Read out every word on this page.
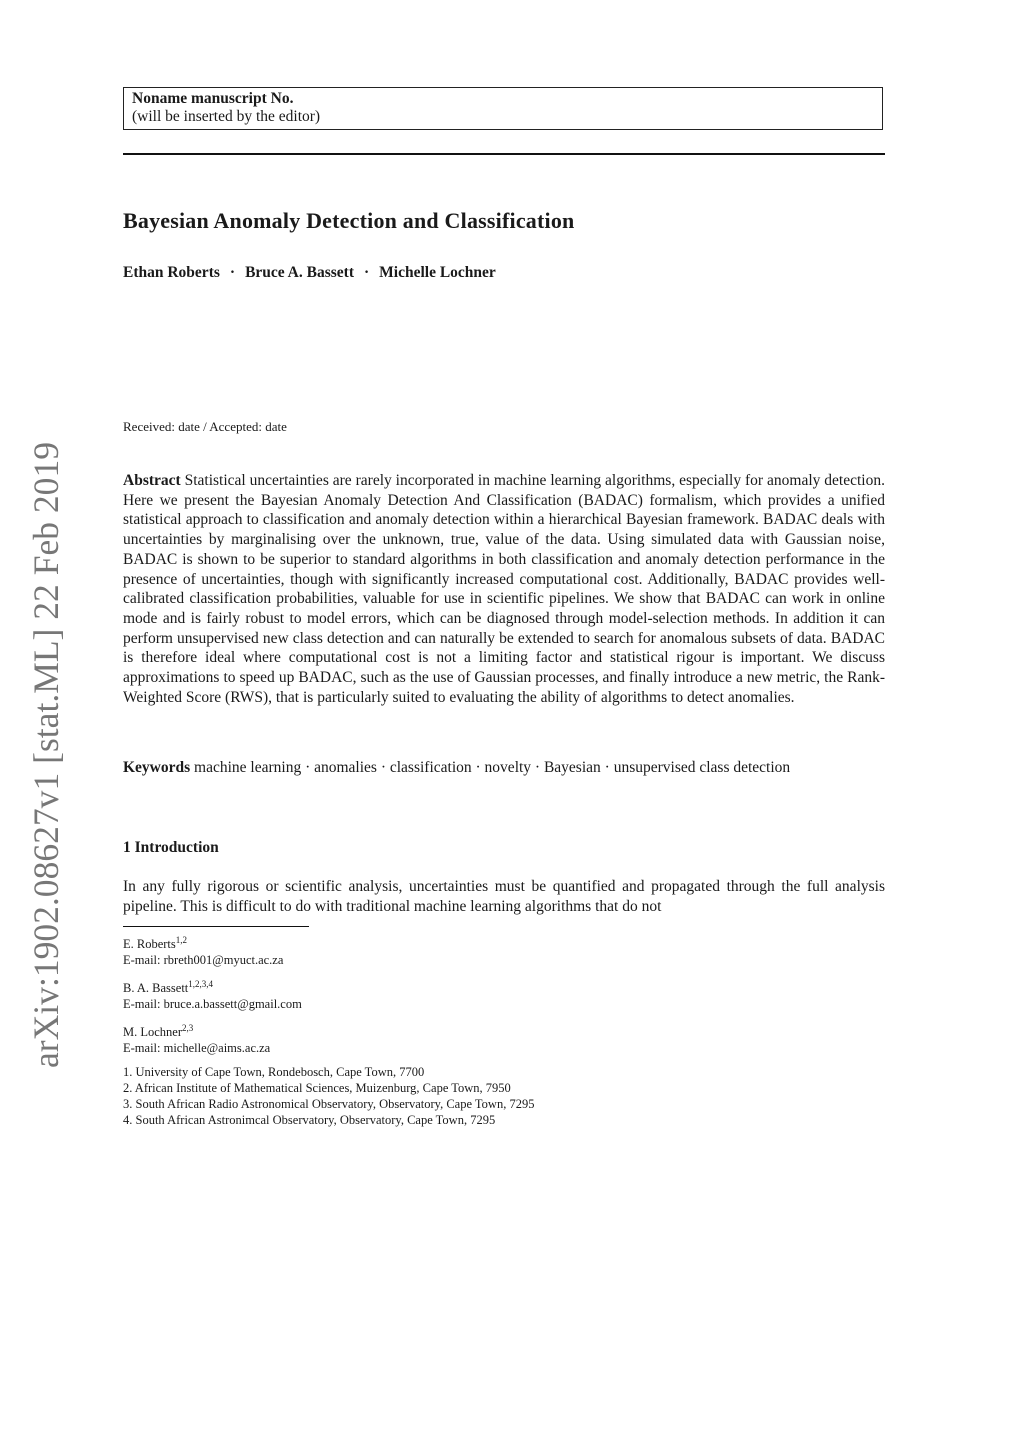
arXiv:1902.08627v1 [stat.ML] 22 Feb 2019
Noname manuscript No.
(will be inserted by the editor)
Bayesian Anomaly Detection and Classification
Ethan Roberts · Bruce A. Bassett · Michelle Lochner
Received: date / Accepted: date

Abstract Statistical uncertainties are rarely incorporated in machine learning algorithms, especially for anomaly detection. Here we present the Bayesian Anomaly Detection And Classification (BADAC) formalism, which provides a unified statistical approach to classification and anomaly detection within a hierarchical Bayesian framework. BADAC deals with uncertainties by marginalising over the unknown, true, value of the data. Using simulated data with Gaussian noise, BADAC is shown to be superior to standard algorithms in both classification and anomaly detection performance in the presence of uncertainties, though with significantly increased computational cost. Additionally, BADAC provides well-calibrated classification probabilities, valuable for use in scientific pipelines. We show that BADAC can work in online mode and is fairly robust to model errors, which can be diagnosed through model-selection methods. In addition it can perform unsupervised new class detection and can naturally be extended to search for anomalous subsets of data. BADAC is therefore ideal where computational cost is not a limiting factor and statistical rigour is important. We discuss approximations to speed up BADAC, such as the use of Gaussian processes, and finally introduce a new metric, the Rank-Weighted Score (RWS), that is particularly suited to evaluating the ability of algorithms to detect anomalies.

Keywords machine learning · anomalies · classification · novelty · Bayesian · unsupervised class detection

1 Introduction

In any fully rigorous or scientific analysis, uncertainties must be quantified and propagated through the full analysis pipeline. This is difficult to do with traditional machine learning algorithms that do not

E. Roberts$^{1,2}$
E-mail: rbreth001@myuct.ac.za
B. A. Bassett$^{1,2,3,4}$
E-mail: bruce.a.bassett@gmail.com
M. Lochner$^{2,3}$
E-mail: michelle@aims.ac.za
1. University of Cape Town, Rondebosch, Cape Town, 7700
2. African Institute of Mathematical Sciences, Muizenburg, Cape Town, 7950
3. South African Radio Astronomical Observatory, Observatory, Cape Town, 7295
4. South African Astronimcal Observatory, Observatory, Cape Town, 7295
